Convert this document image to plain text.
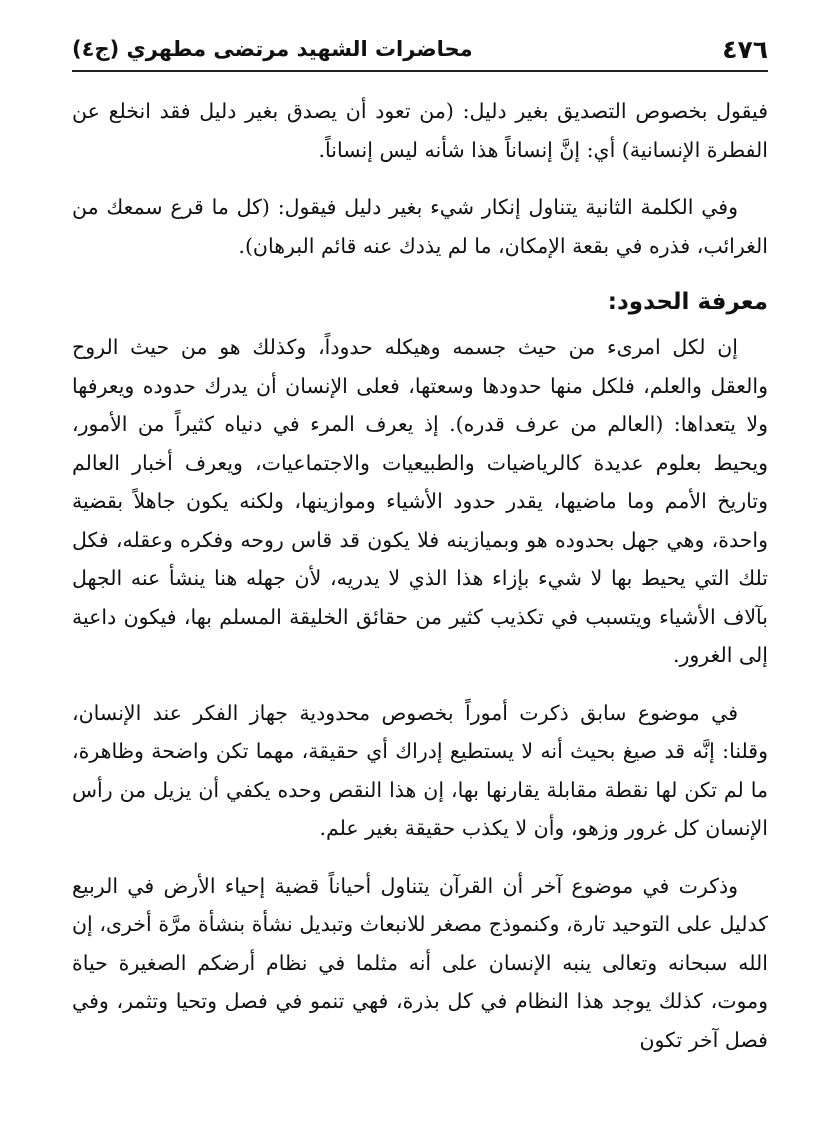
٤٧٦
محاضرات الشهيد مرتضى مطهري (ج٤)

فيقول بخصوص التصديق بغير دليل: (من تعود أن يصدق بغير دليل فقد انخلع عن الفطرة الإنسانية) أي: إنَّ إنساناً هذا شأنه ليس إنساناً.

وفي الكلمة الثانية يتناول إنكار شيء بغير دليل فيقول: (كل ما قرع سمعك من الغرائب، فذره في بقعة الإمكان، ما لم يذدك عنه قائم البرهان).

معرفة الحدود:

إن لكل امرىء من حيث جسمه وهيكله حدوداً، وكذلك هو من حيث الروح والعقل والعلم، فلكل منها حدودها وسعتها، فعلى الإنسان أن يدرك حدوده ويعرفها ولا يتعداها: (العالم من عرف قدره). إذ يعرف المرء في دنياه كثيراً من الأمور، ويحيط بعلوم عديدة كالرياضيات والطبيعيات والاجتماعيات، ويعرف أخبار العالم وتاريخ الأمم وما ماضيها، يقدر حدود الأشياء وموازينها، ولكنه يكون جاهلاً بقضية واحدة، وهي جهل بحدوده هو وبميازينه فلا يكون قد قاس روحه وفكره وعقله، فكل تلك التي يحيط بها لا شيء بإزاء هذا الذي لا يدريه، لأن جهله هنا ينشأ عنه الجهل بآلاف الأشياء ويتسبب في تكذيب كثير من حقائق الخليقة المسلم بها، فيكون داعية إلى الغرور.

في موضوع سابق ذكرت أموراً بخصوص محدودية جهاز الفكر عند الإنسان، وقلنا: إنَّه قد صيغ بحيث أنه لا يستطيع إدراك أي حقيقة، مهما تكن واضحة وظاهرة، ما لم تكن لها نقطة مقابلة يقارنها بها، إن هذا النقص وحده يكفي أن يزيل من رأس الإنسان كل غرور وزهو، وأن لا يكذب حقيقة بغير علم.

وذكرت في موضوع آخر أن القرآن يتناول أحياناً قضية إحياء الأرض في الربيع كدليل على التوحيد تارة، وكنموذج مصغر للانبعاث وتبديل نشأة بنشأة مرَّة أخرى، إن الله سبحانه وتعالى ينبه الإنسان على أنه مثلما في نظام أرضكم الصغيرة حياة وموت، كذلك يوجد هذا النظام في كل بذرة، فهي تنمو في فصل وتحيا وتثمر، وفي فصل آخر تكون
